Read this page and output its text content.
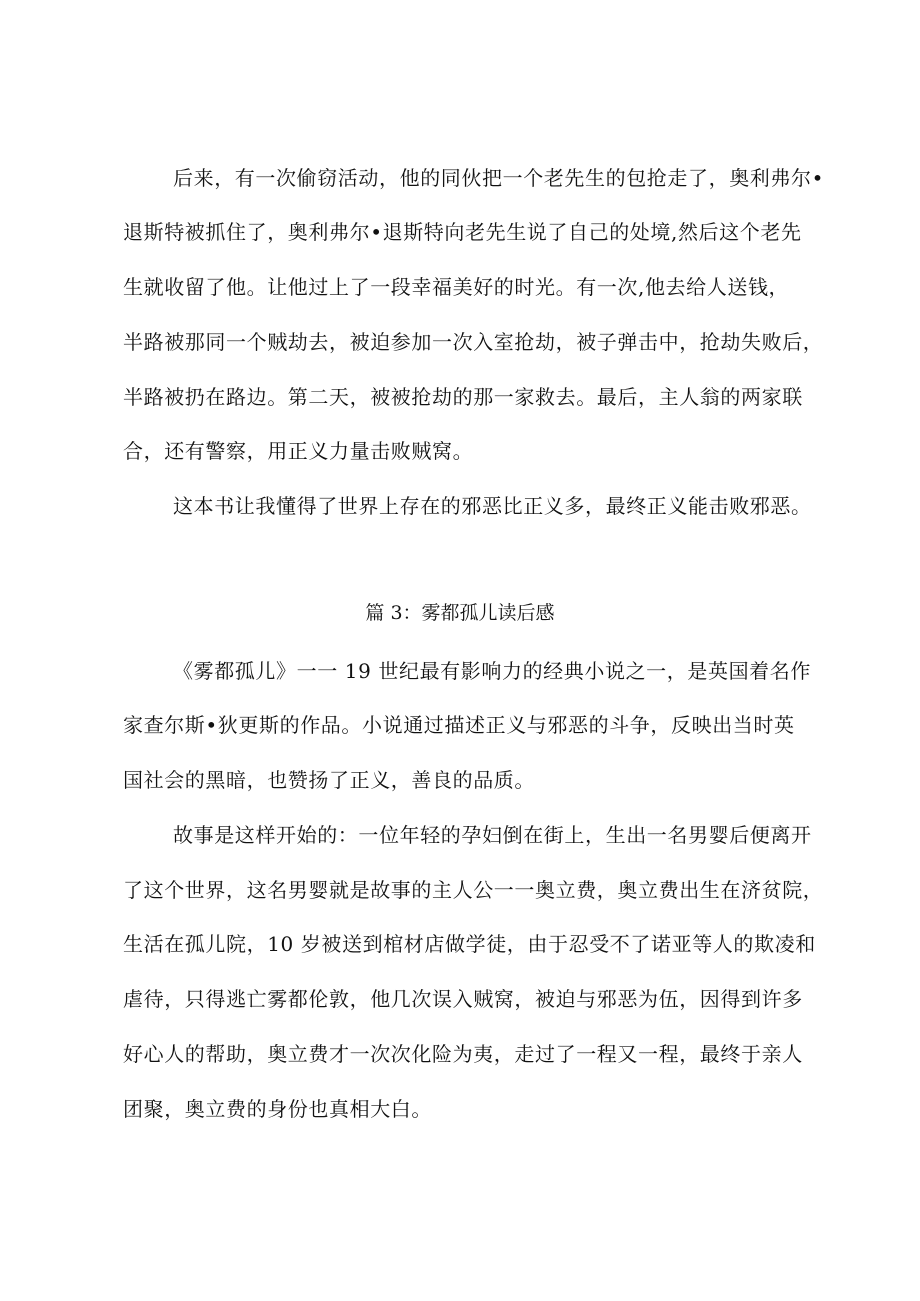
后来，有一次偷窃活动，他的同伙把一个老先生的包抢走了，奥利弗尔•
退斯特被抓住了，奥利弗尔•退斯特向老先生说了自己的处境,然后这个老先
生就收留了他。让他过上了一段幸福美好的时光。有一次,他去给人送钱，
半路被那同一个贼劫去，被迫参加一次入室抢劫，被子弹击中，抢劫失败后，
半路被扔在路边。第二天，被被抢劫的那一家救去。最后，主人翁的两家联
合，还有警察，用正义力量击败贼窝。
这本书让我懂得了世界上存在的邪恶比正义多，最终正义能击败邪恶。
篇 3：雾都孤儿读后感
《雾都孤儿》一一 19 世纪最有影响力的经典小说之一，是英国着名作
家查尔斯•狄更斯的作品。小说通过描述正义与邪恶的斗争，反映出当时英
国社会的黑暗，也赞扬了正义，善良的品质。
故事是这样开始的：一位年轻的孕妇倒在街上，生出一名男婴后便离开
了这个世界，这名男婴就是故事的主人公一一奥立费，奥立费出生在济贫院，
生活在孤儿院，10 岁被送到棺材店做学徒，由于忍受不了诺亚等人的欺凌和
虐待，只得逃亡雾都伦敦，他几次误入贼窝，被迫与邪恶为伍，因得到许多
好心人的帮助，奥立费才一次次化险为夷，走过了一程又一程，最终于亲人
团聚，奥立费的身份也真相大白。
